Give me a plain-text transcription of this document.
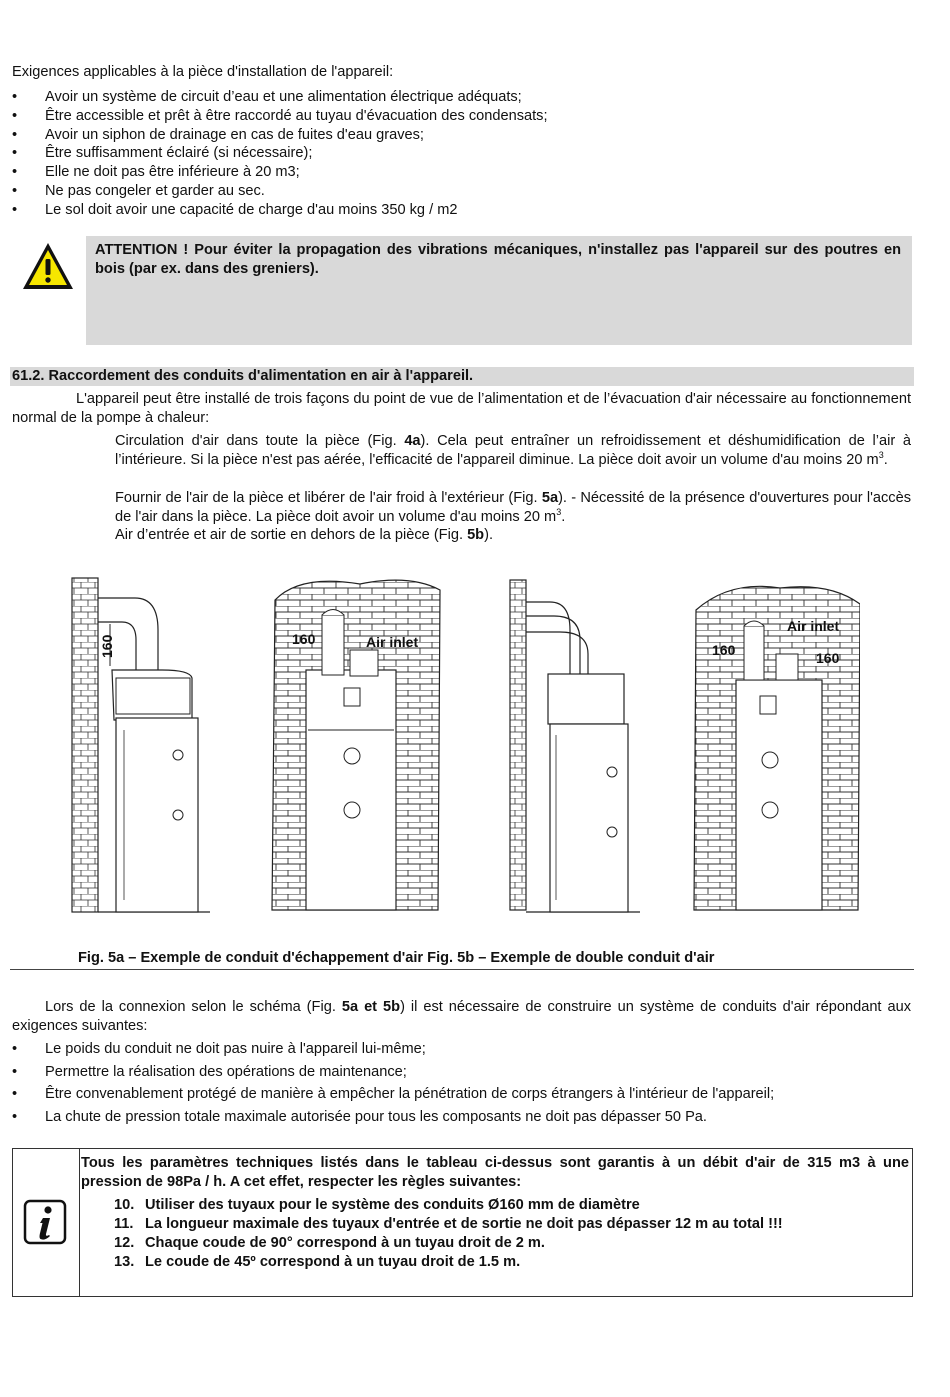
Exigences applicables à la pièce d'installation de l'appareil:
• Avoir un système de circuit d’eau et une alimentation électrique adéquats;
• Être accessible et prêt à être raccordé au tuyau d'évacuation des condensats;
• Avoir un siphon de drainage en cas de fuites d'eau graves;
• Être suffisamment éclairé (si nécessaire);
• Elle ne doit pas être inférieure à 20 m3;
• Ne pas congeler et garder au sec.
• Le sol doit avoir une capacité de charge d'au moins 350 kg / m2
ATTENTION ! Pour éviter la propagation des vibrations mécaniques, n'installez pas l'appareil sur des poutres en bois (par ex. dans des greniers).
61.2. Raccordement des conduits d'alimentation en air à l'appareil.
L'appareil peut être installé de trois façons du point de vue de l’alimentation et de l’évacuation d'air nécessaire au fonctionnement normal de la pompe à chaleur:
Circulation d'air dans toute la pièce (Fig. 4a). Cela peut entraîner un refroidissement et déshumidification de l’air à l’intérieure. Si la pièce n'est pas aérée, l'efficacité de l'appareil diminue. La pièce doit avoir un volume d'au moins 20 $m^3$.
Fournir de l'air de la pièce et libérer de l'air froid à l'extérieur (Fig. 5a). - Nécessité de la présence d'ouvertures pour l'accès de l'air dans la pièce. La pièce doit avoir un volume d'au moins 20 $m^3$.
Air d’entrée et air de sortie en dehors de la pièce (Fig. 5b).
160	160	Air inlet
Air inlet
160	160
Fig. 5a – Exemple de conduit d'échappement d'air Fig. 5b – Exemple de double conduit d'air
Lors de la connexion selon le schéma (Fig. 5a et 5b) il est nécessaire de construire un système de conduits d'air répondant aux exigences suivantes:
• Le poids du conduit ne doit pas nuire à l'appareil lui-même;
• Permettre la réalisation des opérations de maintenance;
• Être convenablement protégé de manière à empêcher la pénétration de corps étrangers à l'intérieur de l'appareil;
• La chute de pression totale maximale autorisée pour tous les composants ne doit pas dépasser 50 Pa.
Tous les paramètres techniques listés dans le tableau ci-dessus sont garantis à un débit d'air de 315 m3 à une pression de 98Pa / h. A cet effet, respecter les règles suivantes:
10. Utiliser des tuyaux pour le système des conduits Ø160 mm de diamètre
11. La longueur maximale des tuyaux d'entrée et de sortie ne doit pas dépasser 12 m au total !!!
12. Chaque coude de 90° correspond à un tuyau droit de 2 m.
13. Le coude de 45º correspond à un tuyau droit de 1.5 m.
